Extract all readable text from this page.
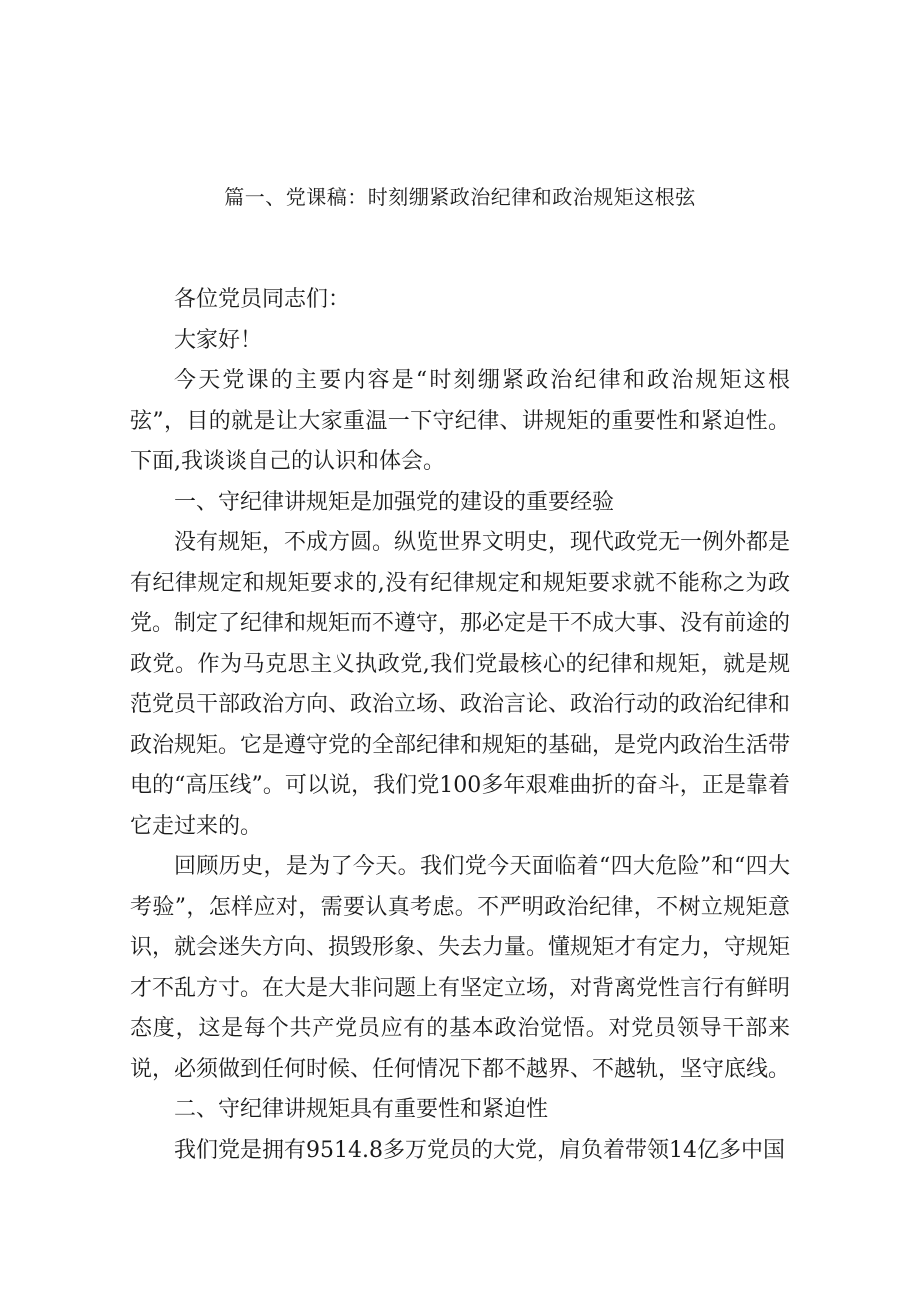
篇一、党课稿：时刻绷紧政治纪律和政治规矩这根弦

各位党员同志们：

大家好！

今天党课的主要内容是“时刻绷紧政治纪律和政治规矩这根弦”，目的就是让大家重温一下守纪律、讲规矩的重要性和紧迫性。下面,我谈谈自己的认识和体会。

一、守纪律讲规矩是加强党的建设的重要经验

没有规矩，不成方圆。纵览世界文明史，现代政党无一例外都是有纪律规定和规矩要求的,没有纪律规定和规矩要求就不能称之为政党。制定了纪律和规矩而不遵守，那必定是干不成大事、没有前途的政党。作为马克思主义执政党,我们党最核心的纪律和规矩，就是规范党员干部政治方向、政治立场、政治言论、政治行动的政治纪律和政治规矩。它是遵守党的全部纪律和规矩的基础，是党内政治生活带电的“高压线”。可以说，我们党100多年艰难曲折的奋斗，正是靠着它走过来的。

回顾历史，是为了今天。我们党今天面临着“四大危险”和“四大考验”，怎样应对，需要认真考虑。不严明政治纪律，不树立规矩意识，就会迷失方向、损毁形象、失去力量。懂规矩才有定力，守规矩才不乱方寸。在大是大非问题上有坚定立场，对背离党性言行有鲜明态度，这是每个共产党员应有的基本政治觉悟。对党员领导干部来说，必须做到任何时候、任何情况下都不越界、不越轨，坚守底线。

二、守纪律讲规矩具有重要性和紧迫性

我们党是拥有9514.8多万党员的大党，肩负着带领14亿多中国
